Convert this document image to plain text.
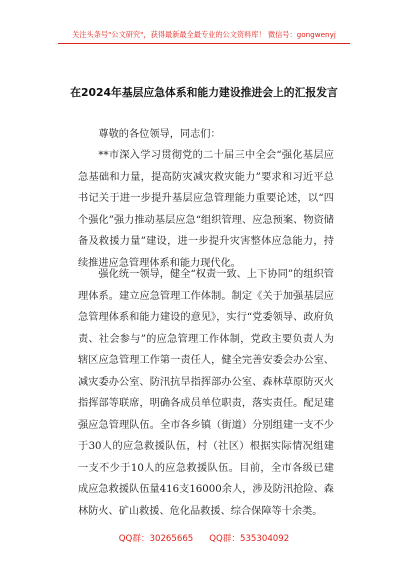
关注头条号"公文研究"，获得最新最全最专业的公文资料库！ 微信号：gongwenyj
在2024年基层应急体系和能力建设推进会上的汇报发言
尊敬的各位领导，同志们：

**市深入学习贯彻党的二十届三中全会“强化基层应急基础和力量，提高防灾减灾救灾能力”要求和习近平总书记关于进一步提升基层应急管理能力重要论述，以“四个强化”强力推动基层应急“组织管理、应急预案、物资储备及救援力量”建设，进一步提升灾害整体应急能力，持续推进应急管理体系和能力现代化。

强化统一领导，健全“权责一致、上下协同”的组织管理体系。建立应急管理工作体制。制定《关于加强基层应急管理体系和能力建设的意见》，实行“党委领导、政府负责、社会参与”的应急管理工作体制，党政主要负责人为辖区应急管理工作第一责任人，健全完善安委会办公室、减灾委办公室、防汛抗旱指挥部办公室、森林草原防灭火指挥部等联席，明确各成员单位职责，落实责任。配足建强应急管理队伍。全市各乡镇（街道）分别组建一支不少于30人的应急救援队伍，村（社区）根据实际情况组建一支不少于10人的应急救援队伍。目前，全市各级已建成应急救援队伍量416支16000余人，涉及防汛抢险、森林防火、矿山救援、危化品救援、综合保障等十余类。

QQ群：30265665 QQ群：535304092
